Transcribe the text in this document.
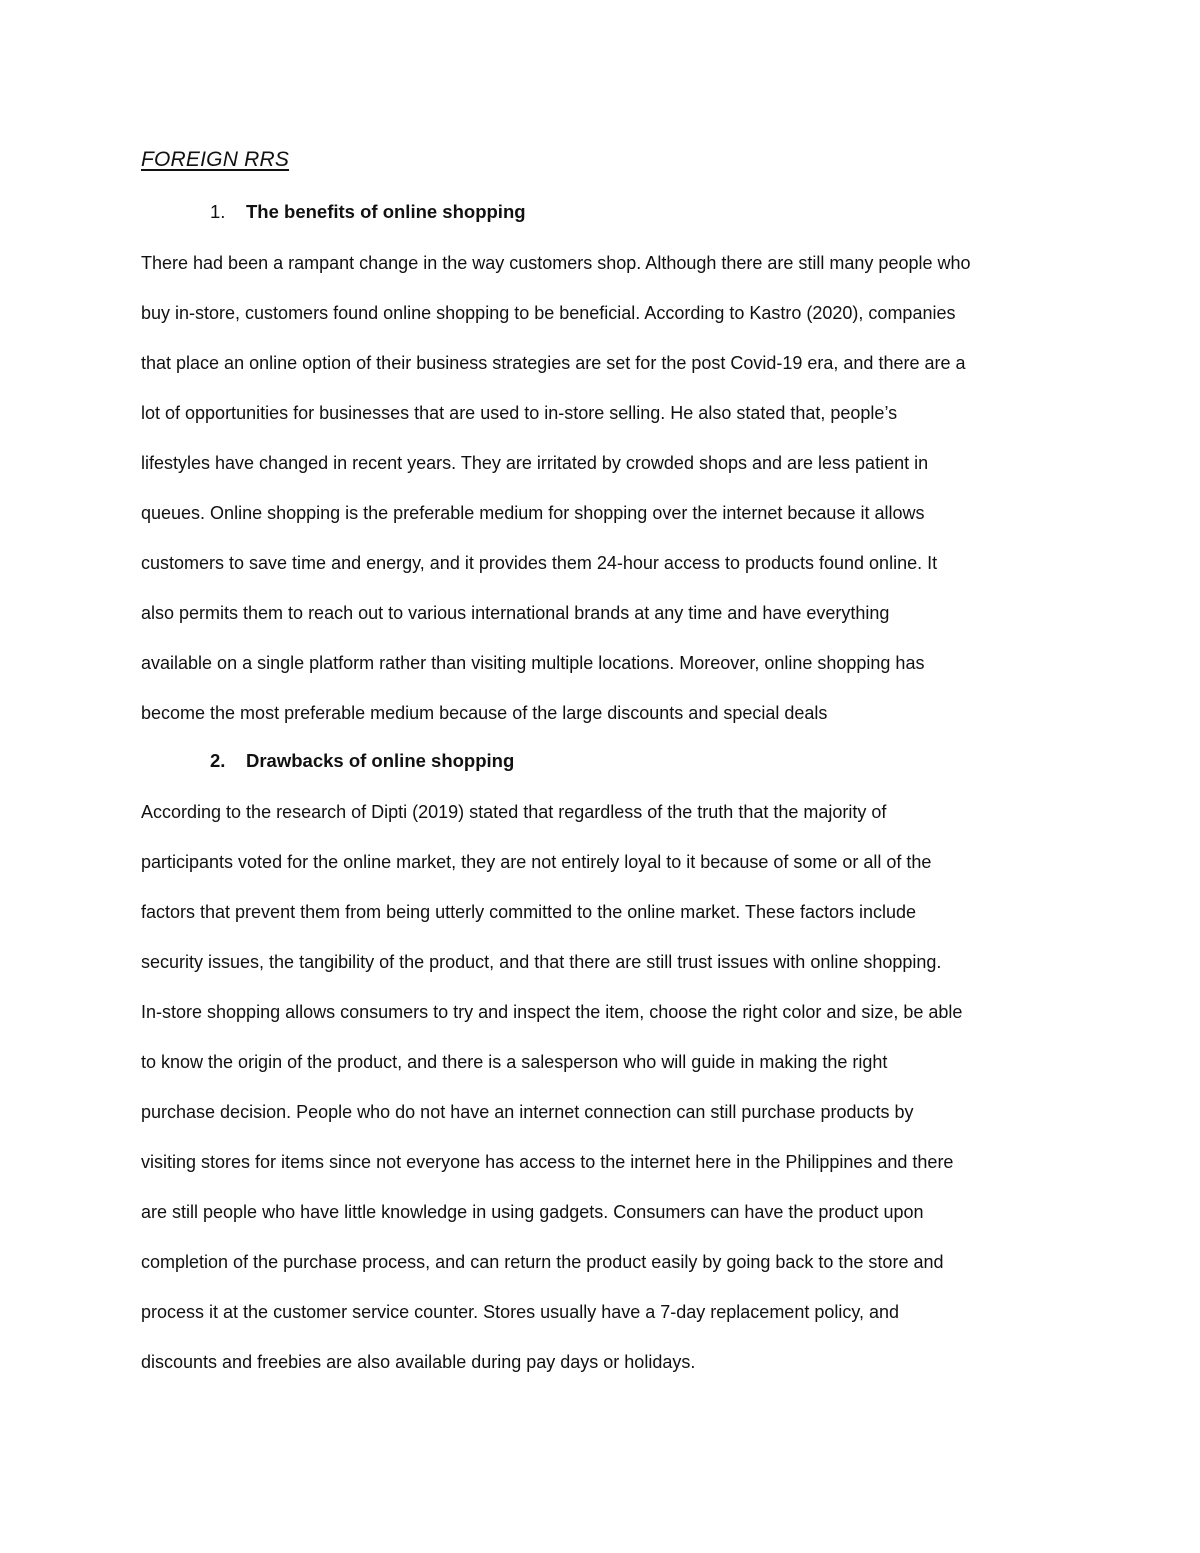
FOREIGN RRS
1. The benefits of online shopping
There had been a rampant change in the way customers shop. Although there are still many people who
buy in-store, customers found online shopping to be beneficial. According to Kastro (2020), companies
that place an online option of their business strategies are set for the post Covid-19 era, and there are a
lot of opportunities for businesses that are used to in-store selling. He also stated that, people’s
lifestyles have changed in recent years. They are irritated by crowded shops and are less patient in
queues. Online shopping is the preferable medium for shopping over the internet because it allows
customers to save time and energy, and it provides them 24-hour access to products found online. It
also permits them to reach out to various international brands at any time and have everything
available on a single platform rather than visiting multiple locations. Moreover, online shopping has
become the most preferable medium because of the large discounts and special deals
2. Drawbacks of online shopping
According to the research of Dipti (2019) stated that regardless of the truth that the majority of
participants voted for the online market, they are not entirely loyal to it because of some or all of the
factors that prevent them from being utterly committed to the online market. These factors include
security issues, the tangibility of the product, and that there are still trust issues with online shopping.
In-store shopping allows consumers to try and inspect the item, choose the right color and size, be able
to know the origin of the product, and there is a salesperson who will guide in making the right
purchase decision. People who do not have an internet connection can still purchase products by
visiting stores for items since not everyone has access to the internet here in the Philippines and there
are still people who have little knowledge in using gadgets. Consumers can have the product upon
completion of the purchase process, and can return the product easily by going back to the store and
process it at the customer service counter. Stores usually have a 7-day replacement policy, and
discounts and freebies are also available during pay days or holidays.
